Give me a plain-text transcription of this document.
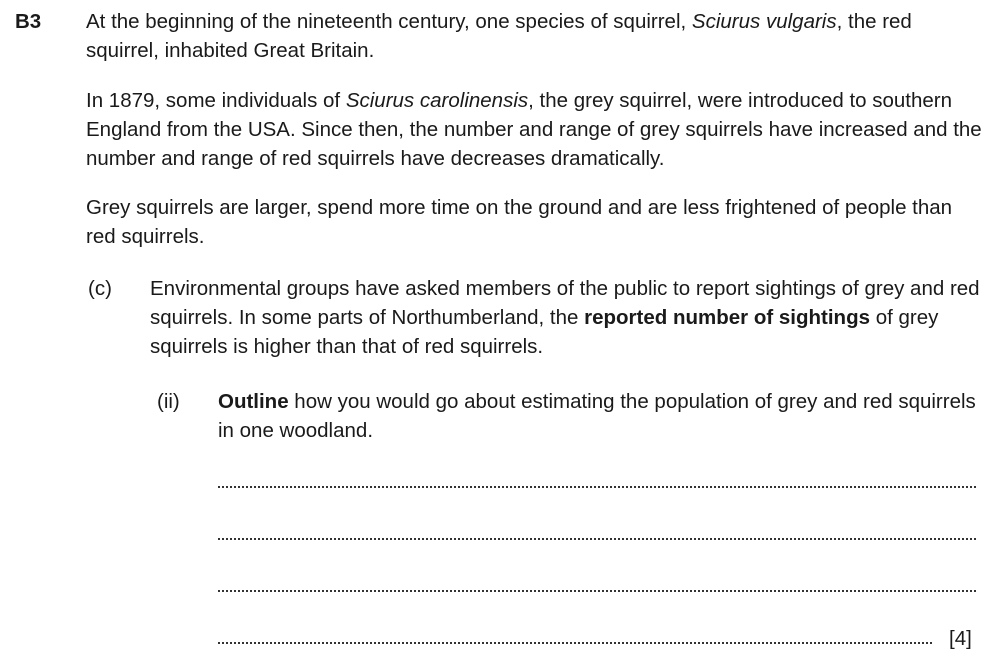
B3 At the beginning of the nineteenth century, one species of squirrel, Sciurus vulgaris, the red squirrel, inhabited Great Britain.

In 1879, some individuals of Sciurus carolinensis, the grey squirrel, were introduced to southern England from the USA. Since then, the number and range of grey squirrels have increased and the number and range of red squirrels have decreases dramatically.

Grey squirrels are larger, spend more time on the ground and are less frightened of people than red squirrels.

(c) Environmental groups have asked members of the public to report sightings of grey and red squirrels. In some parts of Northumberland, the reported number of sightings of grey squirrels is higher than that of red squirrels.

(ii) Outline how you would go about estimating the population of grey and red squirrels in one woodland.

[4]
